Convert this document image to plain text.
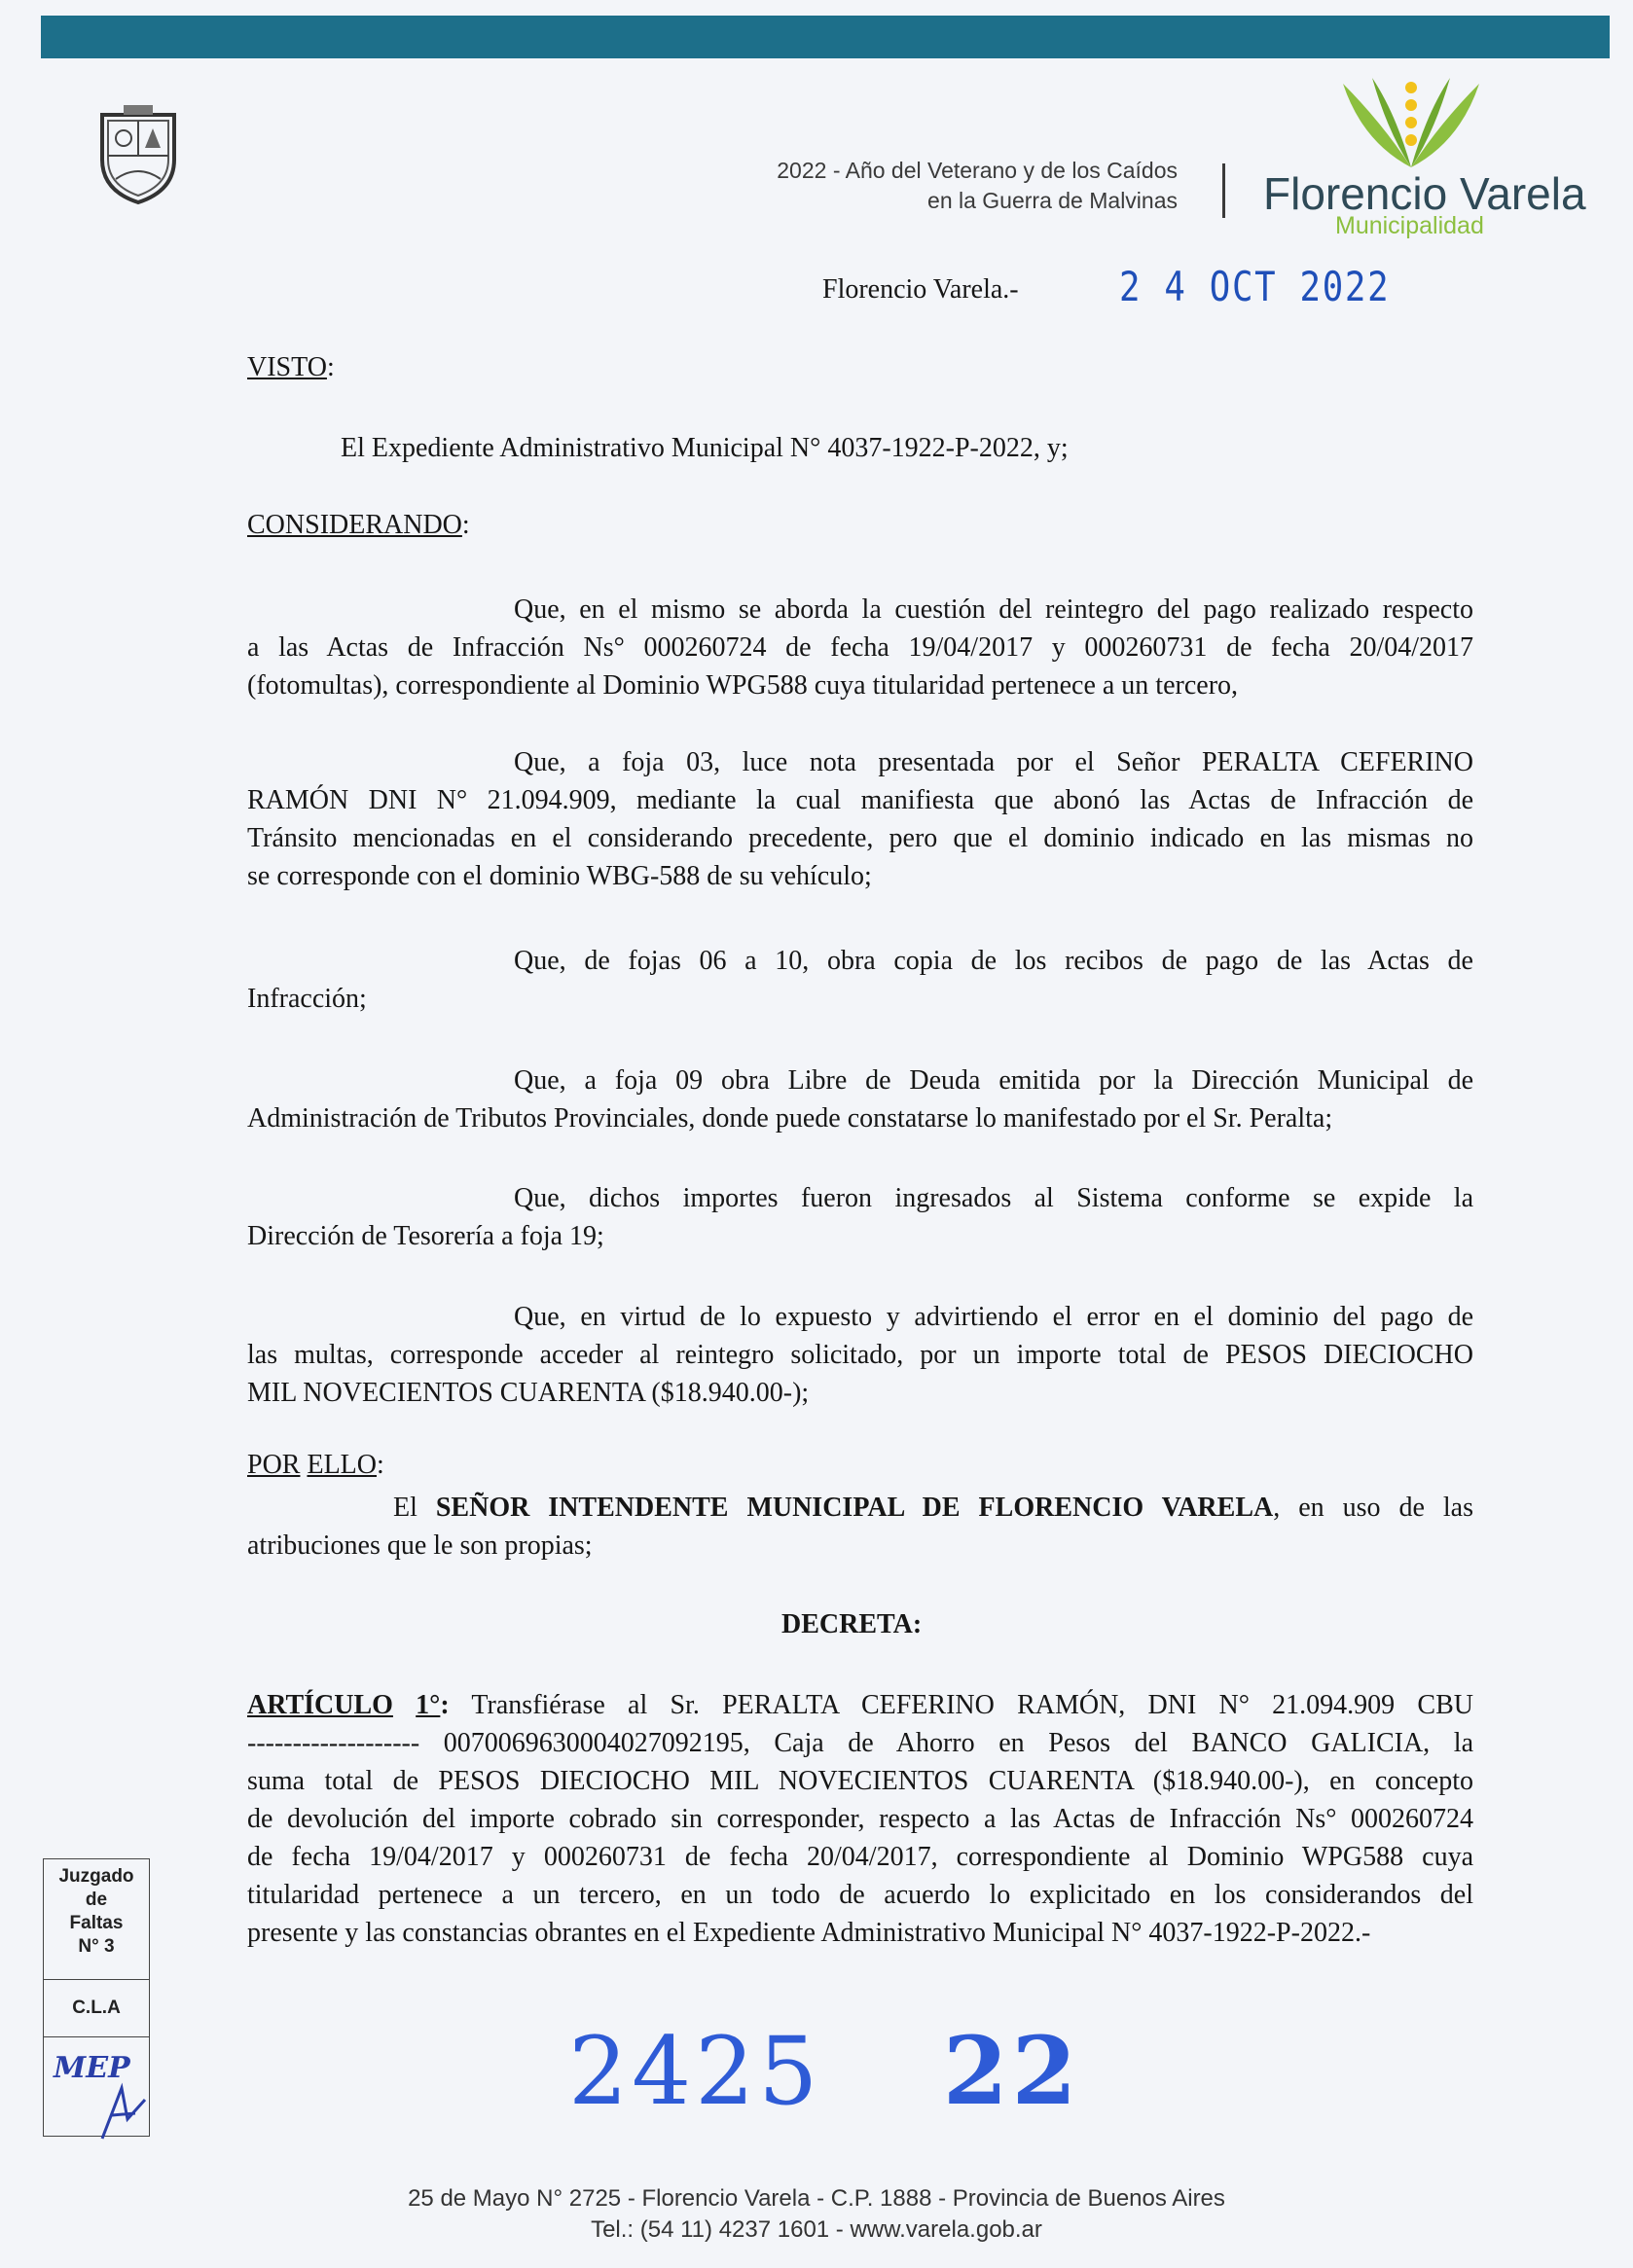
2022 - Año del Veterano y de los Caídos
en la Guerra de Malvinas Florencio Varela
Municipalidad
Florencio Varela.- 2 4 OCT 2022
VISTO:
El Expediente Administrativo Municipal N° 4037-1922-P-2022, y;
CONSIDERANDO:
Que, en el mismo se aborda la cuestión del reintegro del pago realizado respecto
a las Actas de Infracción Ns° 000260724 de fecha 19/04/2017 y 000260731 de fecha 20/04/2017
(fotomultas), correspondiente al Dominio WPG588 cuya titularidad pertenece a un tercero,
Que, a foja 03, luce nota presentada por el Señor PERALTA CEFERINO
RAMÓN DNI N° 21.094.909, mediante la cual manifiesta que abonó las Actas de Infracción de
Tránsito mencionadas en el considerando precedente, pero que el dominio indicado en las mismas no
se corresponde con el dominio WBG-588 de su vehículo;
Que, de fojas 06 a 10, obra copia de los recibos de pago de las Actas de
Infracción;
Que, a foja 09 obra Libre de Deuda emitida por la Dirección Municipal de
Administración de Tributos Provinciales, donde puede constatarse lo manifestado por el Sr. Peralta;
Que, dichos importes fueron ingresados al Sistema conforme se expide la
Dirección de Tesorería a foja 19;
Que, en virtud de lo expuesto y advirtiendo el error en el dominio del pago de
las multas, corresponde acceder al reintegro solicitado, por un importe total de PESOS DIECIOCHO
MIL NOVECIENTOS CUARENTA ($18.940.00-);
POR ELLO:
El SEÑOR INTENDENTE MUNICIPAL DE FLORENCIO VARELA, en uso de las
atribuciones que le son propias;
DECRETA:
ARTÍCULO 1°: Transfiérase al Sr. PERALTA CEFERINO RAMÓN, DNI N° 21.094.909 CBU
------------------- 0070069630004027092195, Caja de Ahorro en Pesos del BANCO GALICIA, la
suma total de PESOS DIECIOCHO MIL NOVECIENTOS CUARENTA ($18.940.00-), en concepto
de devolución del importe cobrado sin corresponder, respecto a las Actas de Infracción Ns° 000260724
de fecha 19/04/2017 y 000260731 de fecha 20/04/2017, correspondiente al Dominio WPG588 cuya
titularidad pertenece a un tercero, en un todo de acuerdo lo explicitado en los considerandos del
presente y las constancias obrantes en el Expediente Administrativo Municipal N° 4037-1922-P-2022.-
Juzgado
de
Faltas
N° 3
C.L.A
MEP	2425 22
25 de Mayo N° 2725 - Florencio Varela - C.P. 1888 - Provincia de Buenos Aires
Tel.: (54 11) 4237 1601 - www.varela.gob.ar
